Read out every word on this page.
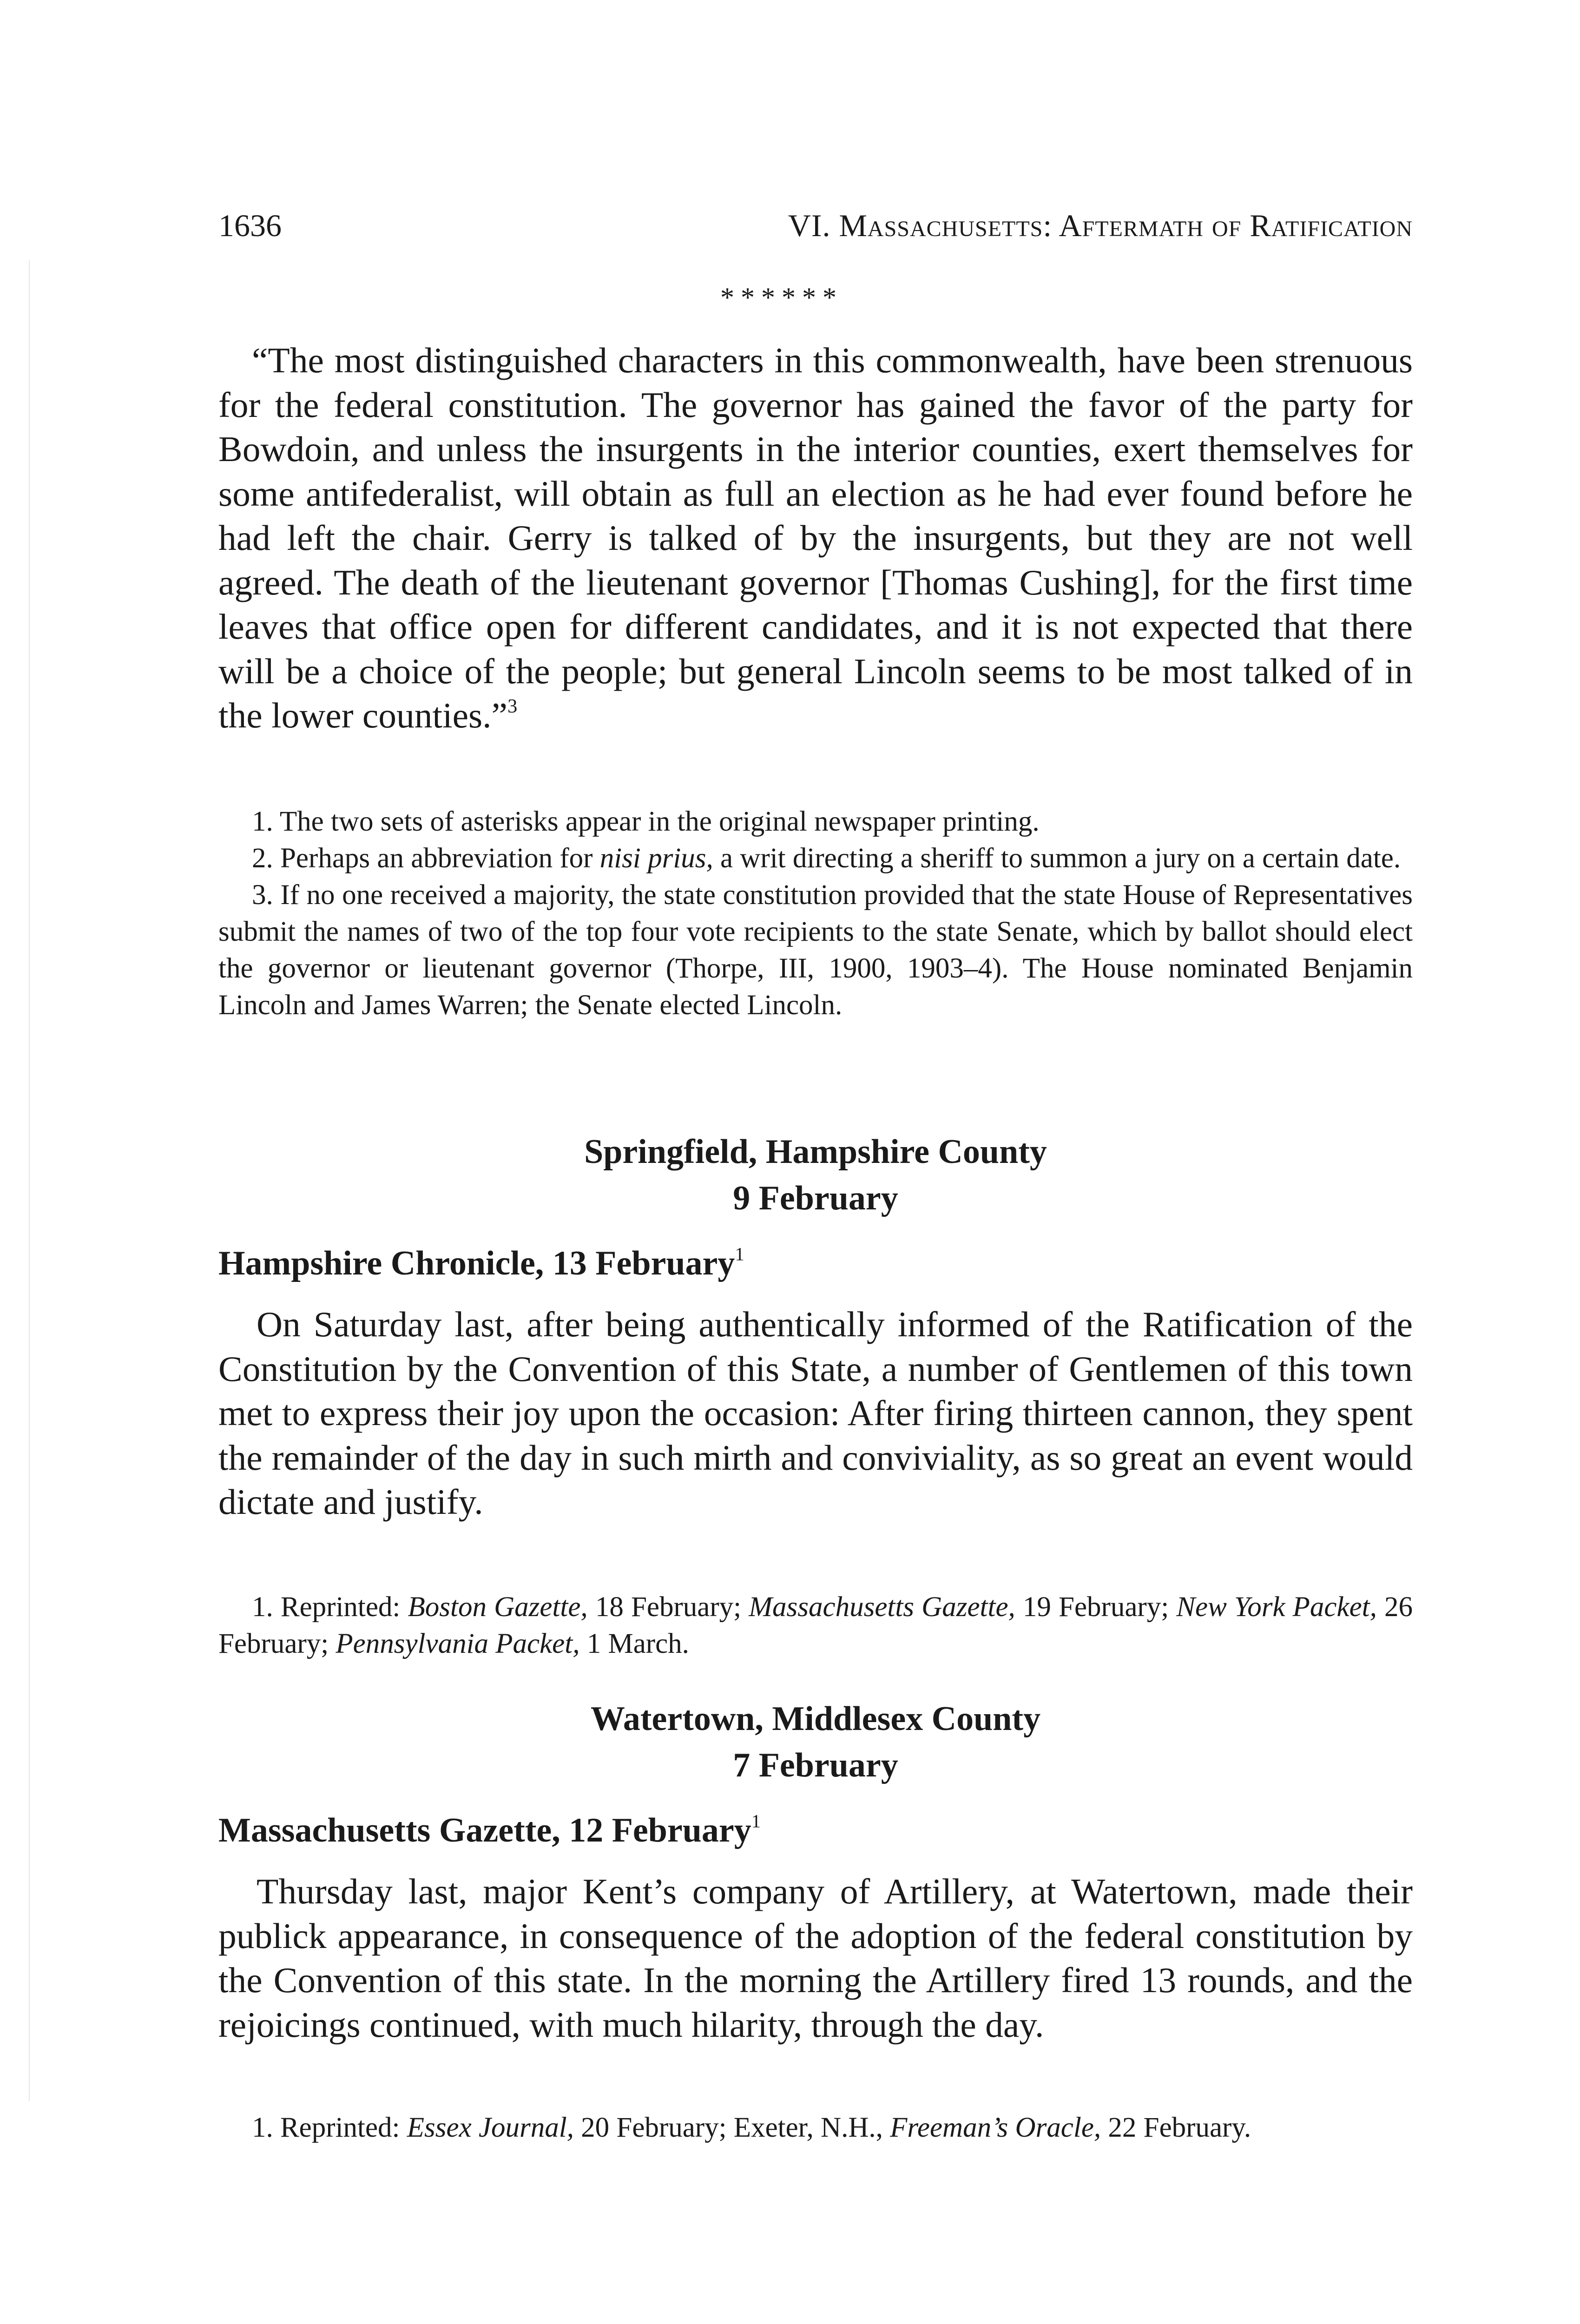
1636	VI. Massachusetts: Aftermath of Ratification
******

“The most distinguished characters in this commonwealth, have been strenuous for the federal constitution. The governor has gained the favor of the party for Bowdoin, and unless the insurgents in the interior counties, exert themselves for some antifederalist, will obtain as full an election as he had ever found before he had left the chair. Gerry is talked of by the insurgents, but they are not well agreed. The death of the lieutenant governor [Thomas Cushing], for the first time leaves that office open for different candidates, and it is not expected that there will be a choice of the people; but general Lincoln seems to be most talked of in the lower counties.”$^3$

1. The two sets of asterisks appear in the original newspaper printing.

2. Perhaps an abbreviation for nisi prius, a writ directing a sheriff to summon a jury on a certain date.

3. If no one received a majority, the state constitution provided that the state House of Representatives submit the names of two of the top four vote recipients to the state Senate, which by ballot should elect the governor or lieutenant governor (Thorpe, III, 1900, 1903–4). The House nominated Benjamin Lincoln and James Warren; the Senate elected Lincoln.

Springfield, Hampshire County
9 February
Hampshire Chronicle, 13 February$^1$

On Saturday last, after being authentically informed of the Ratification of the Constitution by the Convention of this State, a number of Gentlemen of this town met to express their joy upon the occasion: After firing thirteen cannon, they spent the remainder of the day in such mirth and conviviality, as so great an event would dictate and justify.

1. Reprinted: Boston Gazette, 18 February; Massachusetts Gazette, 19 February; New York Packet, 26 February; Pennsylvania Packet, 1 March.

Watertown, Middlesex County
7 February
Massachusetts Gazette, 12 February$^1$

Thursday last, major Kent’s company of Artillery, at Watertown, made their publick appearance, in consequence of the adoption of the federal constitution by the Convention of this state. In the morning the Artillery fired 13 rounds, and the rejoicings continued, with much hilarity, through the day.

1. Reprinted: Essex Journal, 20 February; Exeter, N.H., Freeman’s Oracle, 22 February.
